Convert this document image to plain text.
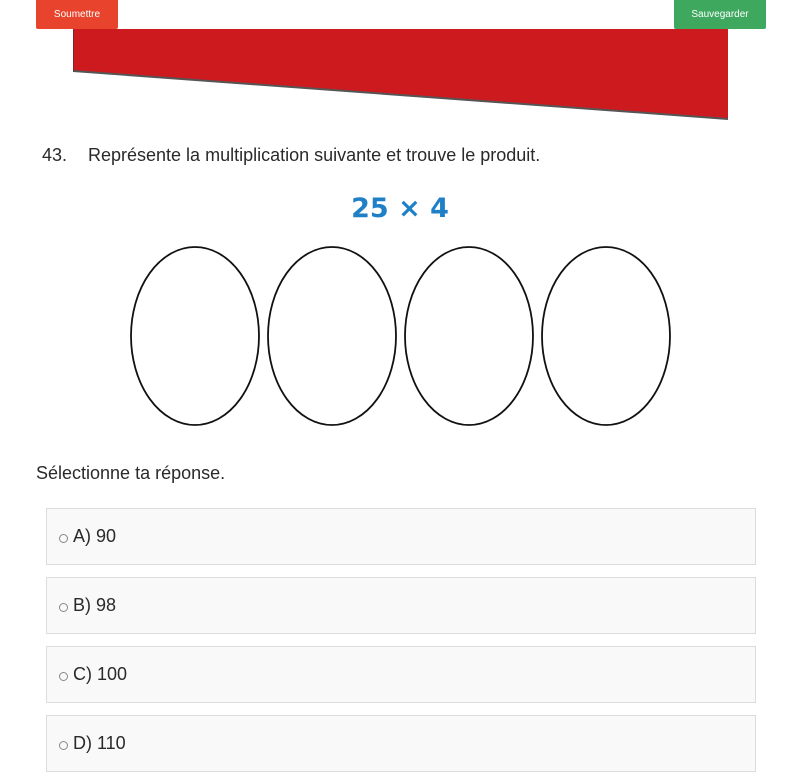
Soumettre	Sauvegarder
43. Représente la multiplication suivante et trouve le produit.
25 × 4
Sélectionne ta réponse.
A) 90
B) 98
C) 100
D) 110
